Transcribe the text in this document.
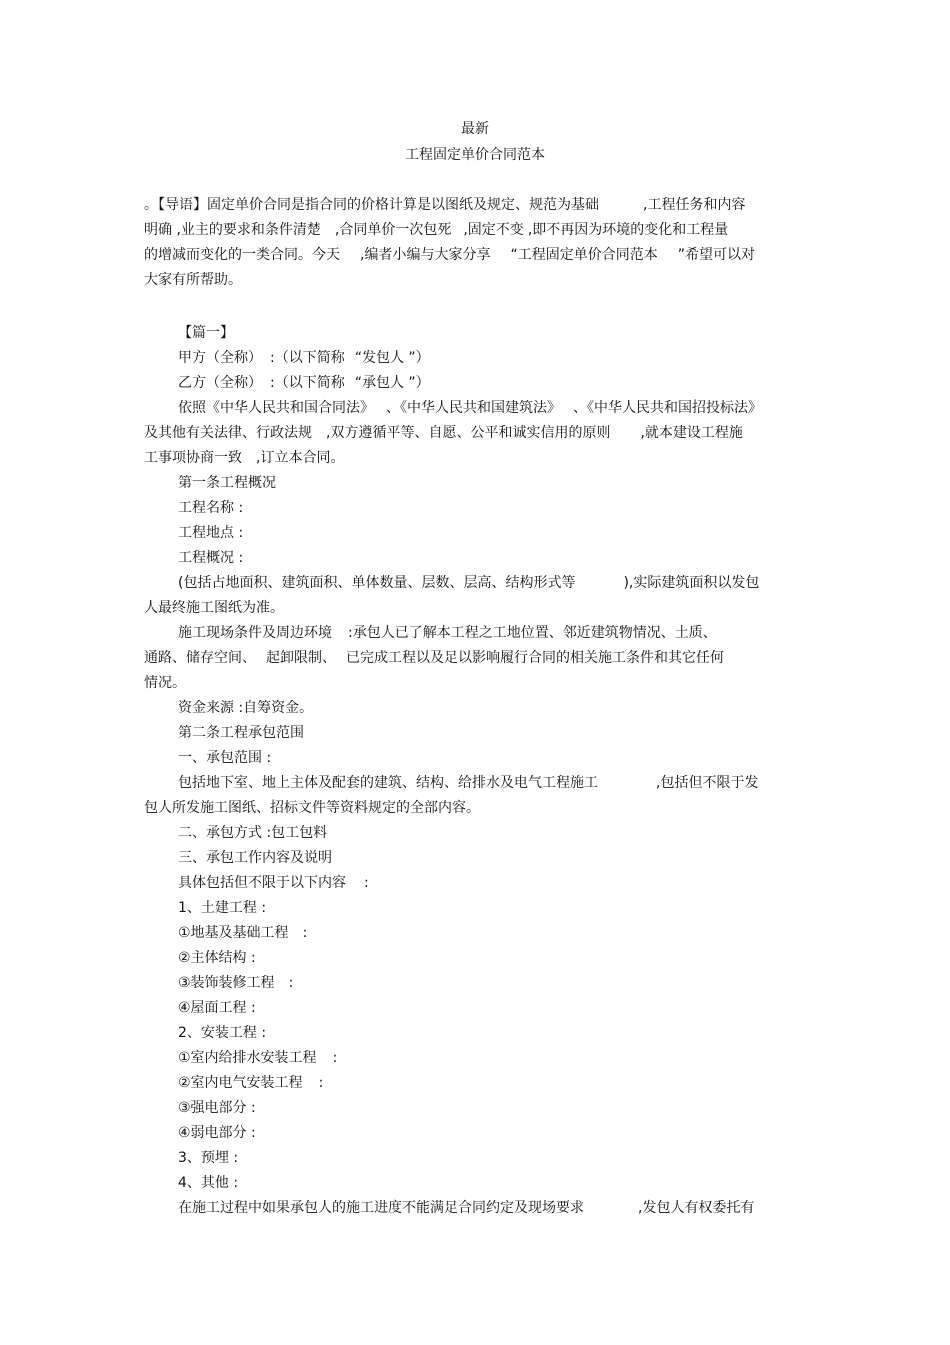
最新
工程固定单价合同范本

。【导语】固定单价合同是指合同的价格计算是以图纸及规定、规范为基础	,工程任务和内容

明确 ,业主的要求和条件清楚 ,合同单价一次包死 ,固定不变 ,即不再因为环境的变化和工程量

的增减而变化的一类合同。今天 ,编者小编与大家分享 “工程固定单价合同范本 ”希望可以对

大家有所帮助。

【篇一】

甲方（全称） :（以下简称 “发包人 ”）

乙方（全称） :（以下简称 “承包人 ”）

依照《中华人民共和国合同法》 、《中华人民共和国建筑法》 、《中华人民共和国招投标法》

及其他有关法律、行政法规 ,双方遵循平等、自愿、公平和诚实信用的原则 ,就本建设工程施

工事项协商一致 ,订立本合同。

第一条工程概况

工程名称 :

工程地点 :

工程概况 :

(包括占地面积、建筑面积、单体数量、层数、层高、结构形式等	),实际建筑面积以发包

人最终施工图纸为准。

施工现场条件及周边环境 :承包人已了解本工程之工地位置、邻近建筑物情况、土质、

通路、储存空间、 起卸限制、 已完成工程以及足以影响履行合同的相关施工条件和其它任何

情况。

资金来源 :自筹资金。

第二条工程承包范围

一、承包范围 :

包括地下室、地上主体及配套的建筑、结构、给排水及电气工程施工	,包括但不限于发

包人所发施工图纸、招标文件等资料规定的全部内容。

二、承包方式 :包工包料

三、承包工作内容及说明

具体包括但不限于以下内容 :

1、土建工程 :

①地基及基础工程 :

②主体结构 :

③装饰装修工程 :

④屋面工程 :

2、安装工程 :

①室内给排水安装工程 :

②室内电气安装工程 :

③强电部分 :

④弱电部分 :

3、预埋 :

4、其他 :

在施工过程中如果承包人的施工进度不能满足合同约定及现场要求	,发包人有权委托有
